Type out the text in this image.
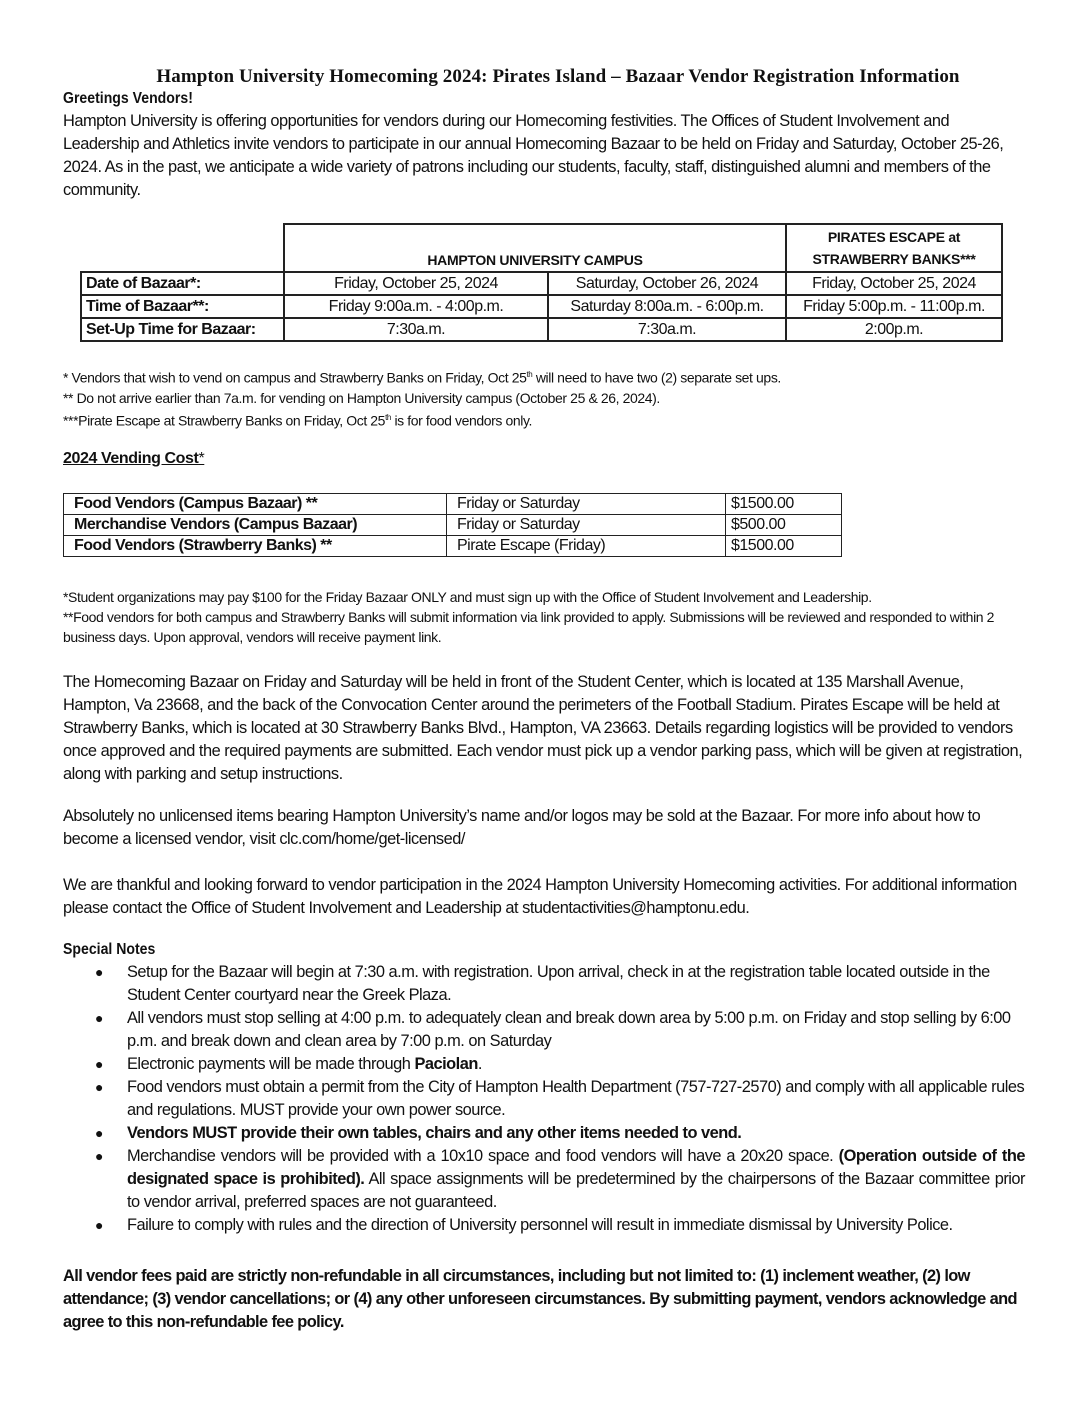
Hampton University Homecoming 2024: Pirates Island – Bazaar Vendor Registration Information

Greetings Vendors!

Hampton University is offering opportunities for vendors during our Homecoming festivities. The Offices of Student Involvement and Leadership and Athletics invite vendors to participate in our annual Homecoming Bazaar to be held on Friday and Saturday, October 25-26, 2024. As in the past, we anticipate a wide variety of patrons including our students, faculty, staff, distinguished alumni and members of the community.

	HAMPTON UNIVERSITY CAMPUS		PIRATES ESCAPE at
STRAWBERRY BANKS***

Date of Bazaar*:	Friday, October 25, 2024	Saturday, October 26, 2024	Friday, October 25, 2024
Time of Bazaar**:	Friday 9:00a.m. - 4:00p.m.	Saturday 8:00a.m. - 6:00p.m.	Friday 5:00p.m. - 11:00p.m.
Set-Up Time for Bazaar:	7:30a.m.	7:30a.m.	2:00p.m.

* Vendors that wish to vend on campus and Strawberry Banks on Friday, Oct 25th will need to have two (2) separate set ups.

** Do not arrive earlier than 7a.m. for vending on Hampton University campus (October 25 & 26, 2024).

***Pirate Escape at Strawberry Banks on Friday, Oct 25th is for food vendors only.

2024 Vending Cost*
Food Vendors (Campus Bazaar) **	Friday or Saturday	$1500.00
Merchandise Vendors (Campus Bazaar)	Friday or Saturday	$500.00
Food Vendors (Strawberry Banks) **	Pirate Escape (Friday)	$1500.00

*Student organizations may pay $100 for the Friday Bazaar ONLY and must sign up with the Office of Student Involvement and Leadership.

**Food vendors for both campus and Strawberry Banks will submit information via link provided to apply. Submissions will be reviewed and responded to within 2 business days. Upon approval, vendors will receive payment link.

The Homecoming Bazaar on Friday and Saturday will be held in front of the Student Center, which is located at 135 Marshall Avenue, Hampton, Va 23668, and the back of the Convocation Center around the perimeters of the Football Stadium. Pirates Escape will be held at Strawberry Banks, which is located at 30 Strawberry Banks Blvd., Hampton, VA 23663. Details regarding logistics will be provided to vendors once approved and the required payments are submitted. Each vendor must pick up a vendor parking pass, which will be given at registration, along with parking and setup instructions.

Absolutely no unlicensed items bearing Hampton University’s name and/or logos may be sold at the Bazaar. For more info about how to become a licensed vendor, visit clc.com/home/get-licensed/

We are thankful and looking forward to vendor participation in the 2024 Hampton University Homecoming activities. For additional information please contact the Office of Student Involvement and Leadership at studentactivities@hamptonu.edu.

Special Notes

● Setup for the Bazaar will begin at 7:30 a.m. with registration. Upon arrival, check in at the registration table located outside in the Student Center courtyard near the Greek Plaza.
● All vendors must stop selling at 4:00 p.m. to adequately clean and break down area by 5:00 p.m. on Friday and stop selling by 6:00 p.m. and break down and clean area by 7:00 p.m. on Saturday
● Electronic payments will be made through Paciolan.
● Food vendors must obtain a permit from the City of Hampton Health Department (757-727-2570) and comply with all applicable rules and regulations. MUST provide your own power source.
● Vendors MUST provide their own tables, chairs and any other items needed to vend.
● Merchandise vendors will be provided with a 10x10 space and food vendors will have a 20x20 space. (Operation outside of the designated space is prohibited). All space assignments will be predetermined by the chairpersons of the Bazaar committee prior to vendor arrival, preferred spaces are not guaranteed.
● Failure to comply with rules and the direction of University personnel will result in immediate dismissal by University Police.

All vendor fees paid are strictly non-refundable in all circumstances, including but not limited to: (1) inclement weather, (2) low attendance; (3) vendor cancellations; or (4) any other unforeseen circumstances. By submitting payment, vendors acknowledge and agree to this non-refundable fee policy.
